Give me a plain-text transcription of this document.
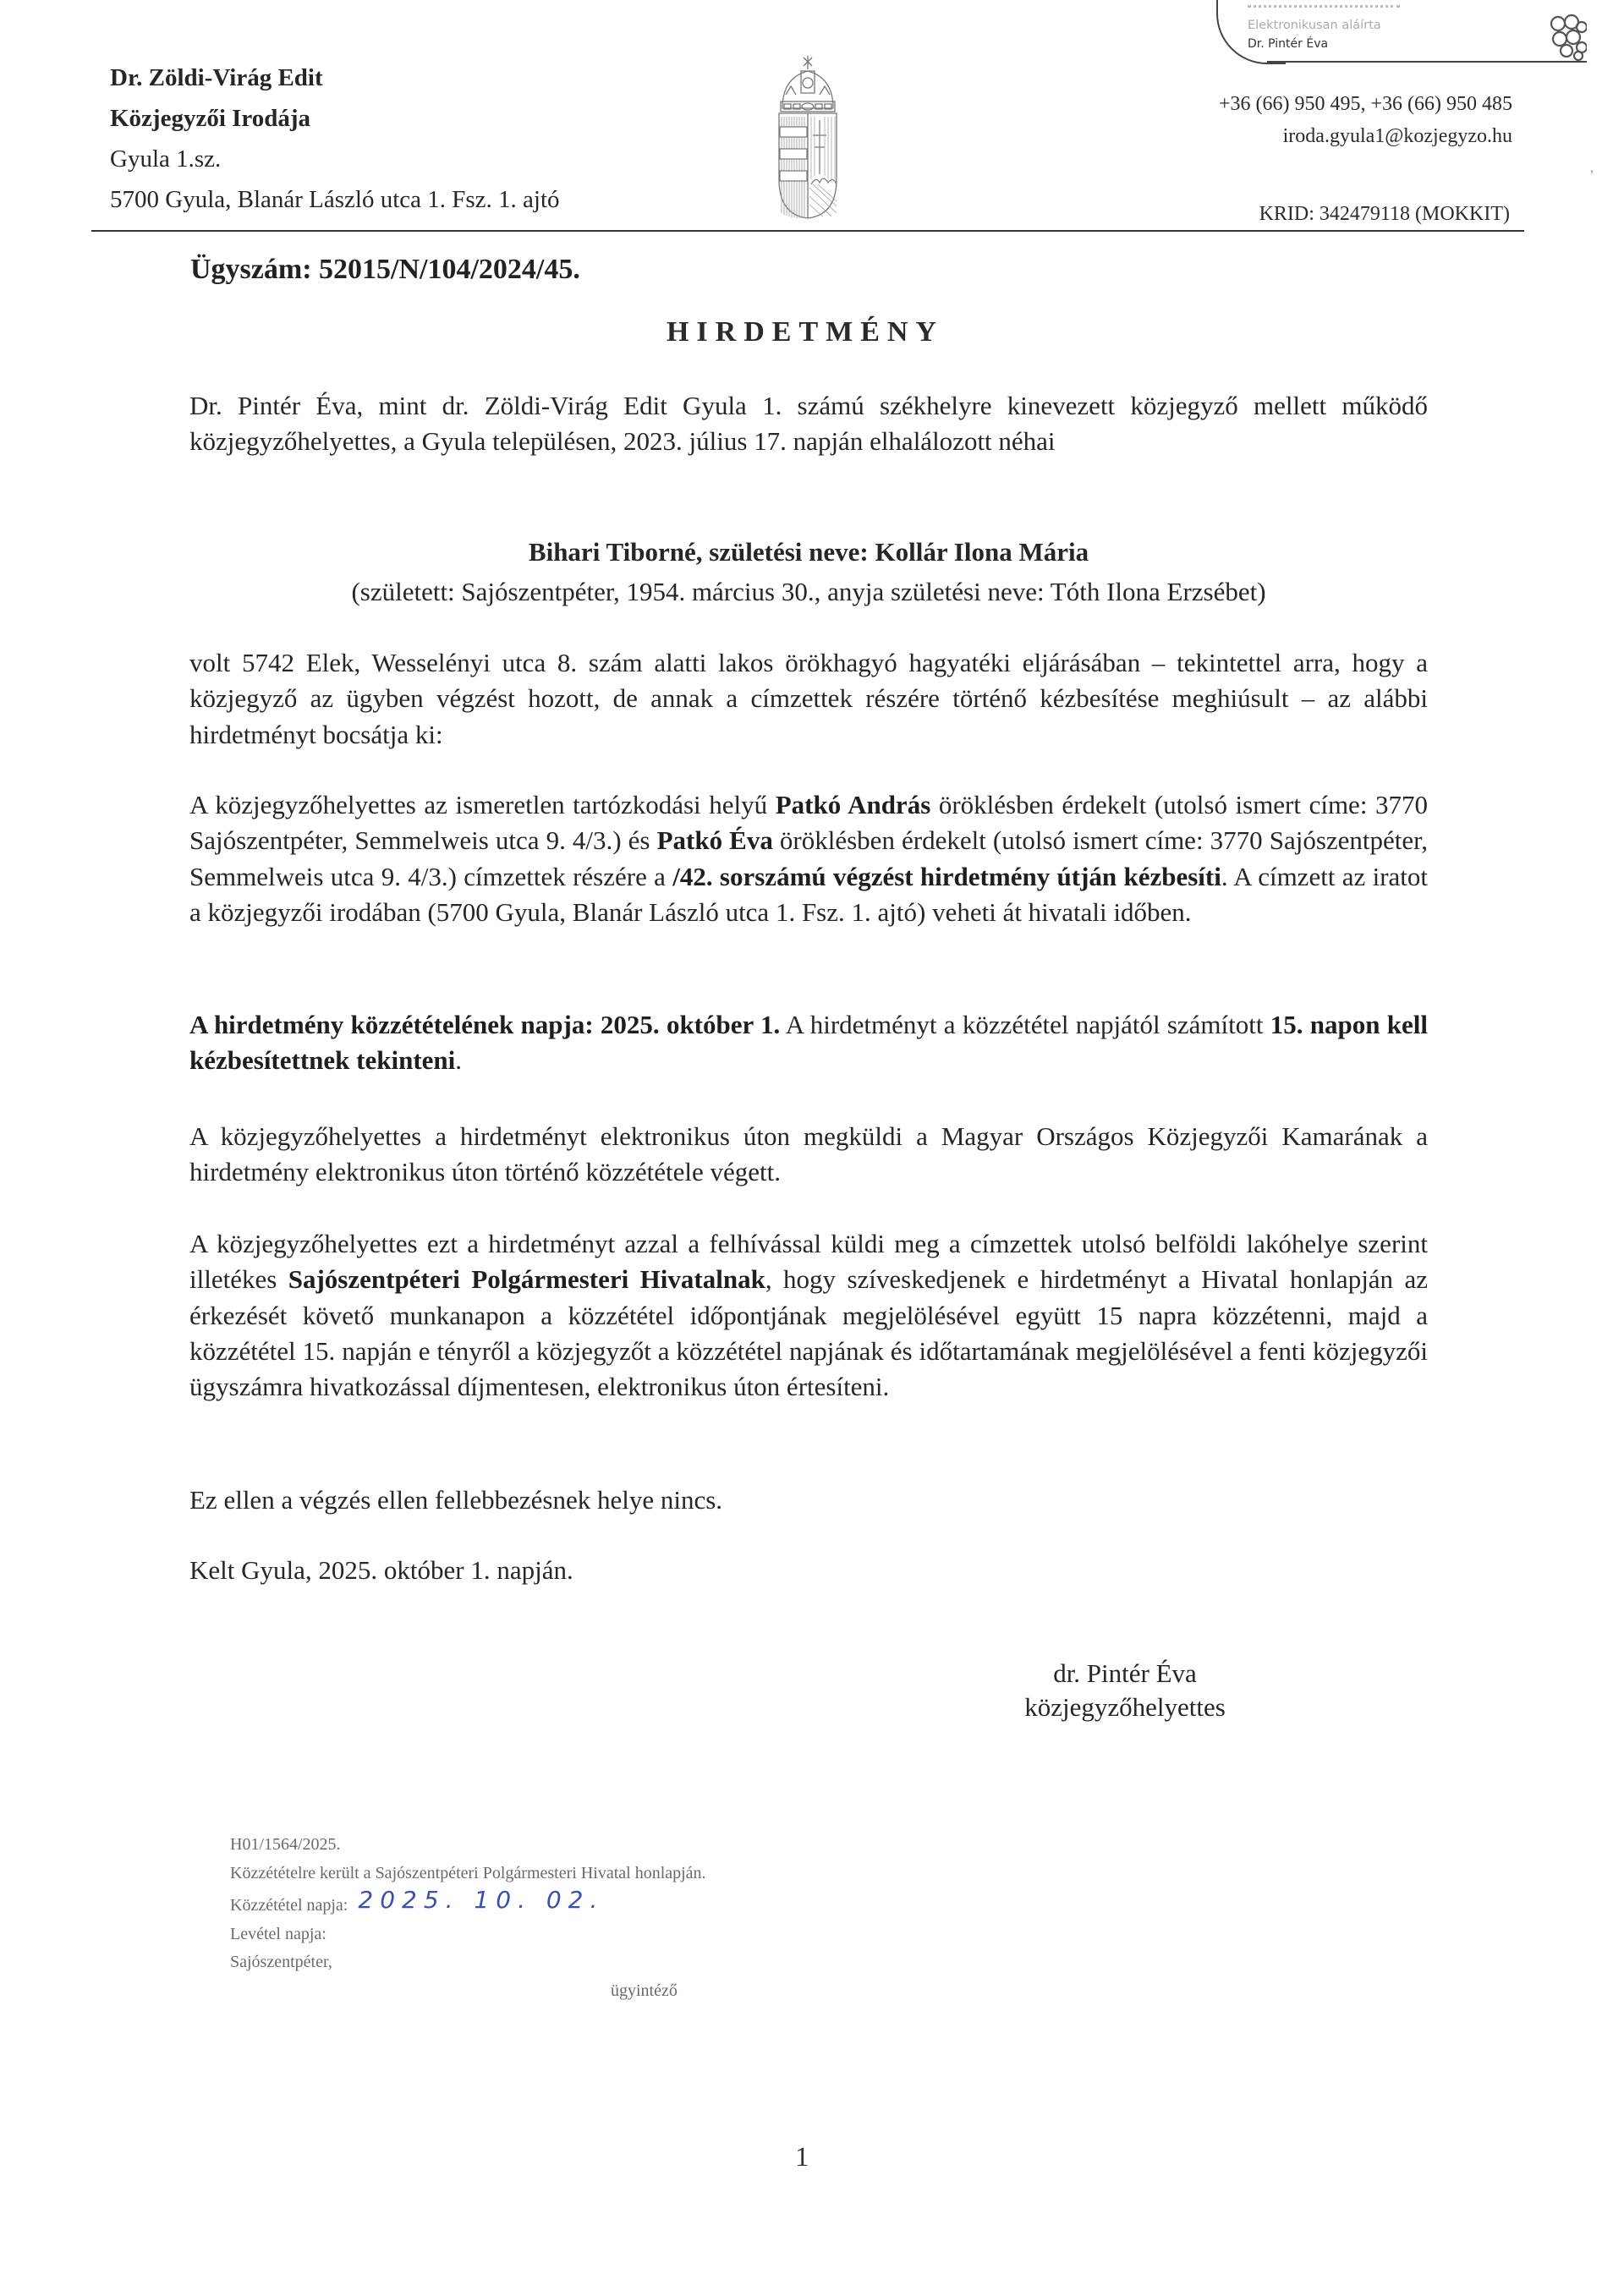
Elektronikusan aláírta
Dr. Pintér Éva
Dr. Zöldi-Virág Edit
Közjegyzői Irodája
Gyula 1.sz.
5700 Gyula, Blanár László utca 1. Fsz. 1. ajtó
+36 (66) 950 495, +36 (66) 950 485
iroda.gyula1@kozjegyzo.hu
,
KRID: 342479118 (MOKKIT)
Ügyszám: 52015/N/104/2024/45.
HIRDETMÉNY
Dr. Pintér Éva, mint dr. Zöldi-Virág Edit Gyula 1. számú székhelyre kinevezett közjegyző mellett működő közjegyzőhelyettes, a Gyula településen, 2023. július 17. napján elhalálozott néhai
Bihari Tiborné, születési neve: Kollár Ilona Mária
(született: Sajószentpéter, 1954. március 30., anyja születési neve: Tóth Ilona Erzsébet)
volt 5742 Elek, Wesselényi utca 8. szám alatti lakos örökhagyó hagyatéki eljárásában – tekintettel arra, hogy a közjegyző az ügyben végzést hozott, de annak a címzettek részére történő kézbesítése meghiúsult – az alábbi hirdetményt bocsátja ki:
A közjegyzőhelyettes az ismeretlen tartózkodási helyű Patkó András öröklésben érdekelt (utolsó ismert címe: 3770 Sajószentpéter, Semmelweis utca 9. 4/3.) és Patkó Éva öröklésben érdekelt (utolsó ismert címe: 3770 Sajószentpéter, Semmelweis utca 9. 4/3.) címzettek részére a /42. sorszámú végzést hirdetmény útján kézbesíti. A címzett az iratot a közjegyzői irodában (5700 Gyula, Blanár László utca 1. Fsz. 1. ajtó) veheti át hivatali időben.
A hirdetmény közzétételének napja: 2025. október 1. A hirdetményt a közzététel napjától számított 15. napon kell kézbesítettnek tekinteni.
A közjegyzőhelyettes a hirdetményt elektronikus úton megküldi a Magyar Országos Közjegyzői Kamarának a hirdetmény elektronikus úton történő közzététele végett.
A közjegyzőhelyettes ezt a hirdetményt azzal a felhívással küldi meg a címzettek utolsó belföldi lakóhelye szerint illetékes Sajószentpéteri Polgármesteri Hivatalnak, hogy szíveskedjenek e hirdetményt a Hivatal honlapján az érkezését követő munkanapon a közzététel időpontjának megjelölésével együtt 15 napra közzétenni, majd a közzététel 15. napján e tényről a közjegyzőt a közzététel napjának és időtartamának megjelölésével a fenti közjegyzői ügyszámra hivatkozással díjmentesen, elektronikus úton értesíteni.
Ez ellen a végzés ellen fellebbezésnek helye nincs.
Kelt Gyula, 2025. október 1. napján.
dr. Pintér Éva
közjegyzőhelyettes
H01/1564/2025.
Közzétételre került a Sajószentpéteri Polgármesteri Hivatal honlapján.
Közzététel napja: 2025. 10. 02.
Levétel napja:
Sajószentpéter,
ügyintéző
1
